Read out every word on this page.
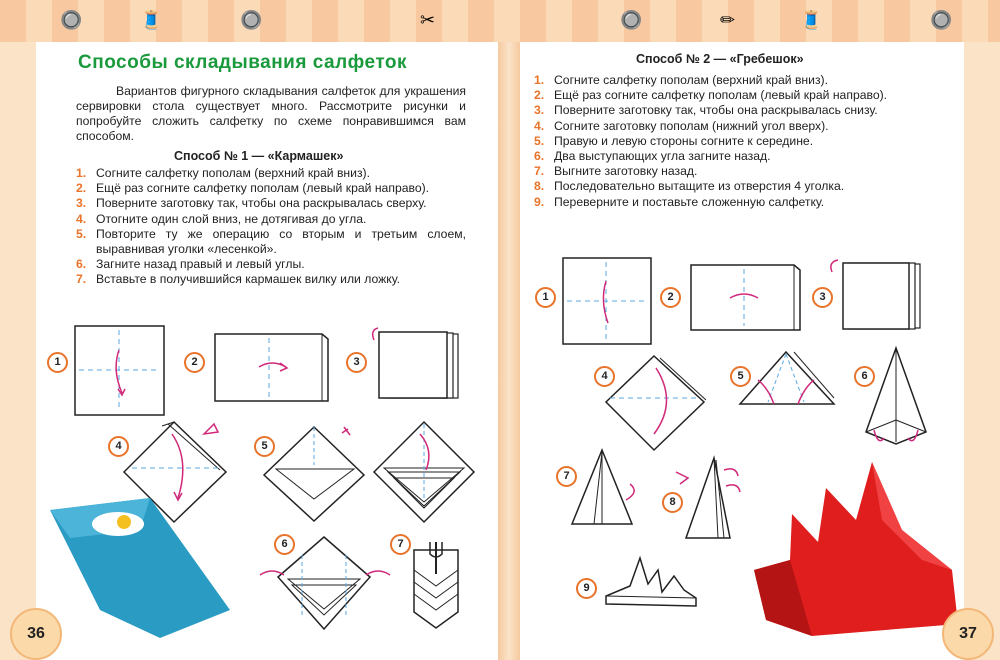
🔘	🧵	🔘	✂	🔘	✏	🧵	🔘
Способы складывания салфеток
Вариантов фигурного складывания салфеток для украшения сервировки стола существует много. Рассмотрите рисунки и попробуйте сложить салфетку по схеме понравившимся вам способом.
Способ № 1 — «Кармашек»
1. Согните салфетку пополам (верхний край вниз).
2. Ещё раз согните салфетку пополам (левый край направо).
3. Поверните заготовку так, чтобы она раскрывалась сверху.
4. Отогните один слой вниз, не дотягивая до угла.
5. Повторите ту же операцию со вторым и третьим слоем, выравнивая уголки «лесенкой».
6. Загните назад правый и левый углы.
7. Вставьте в получившийся кармашек вилку или ложку.
1	2	3
4	5
6	7
Способ № 2 — «Гребешок»
1. Согните салфетку пополам (верхний край вниз).
2. Ещё раз согните салфетку пополам (левый край направо).
3. Поверните заготовку так, чтобы она раскрывалась снизу.
4. Согните заготовку пополам (нижний угол вверх).
5. Правую и левую стороны согните к середине.
6. Два выступающих угла загните назад.
7. Выгните заготовку назад.
8. Последовательно вытащите из отверстия 4 уголка.
9. Переверните и поставьте сложенную салфетку.
1	2	3
4	5	6
7
8
9
36	37
